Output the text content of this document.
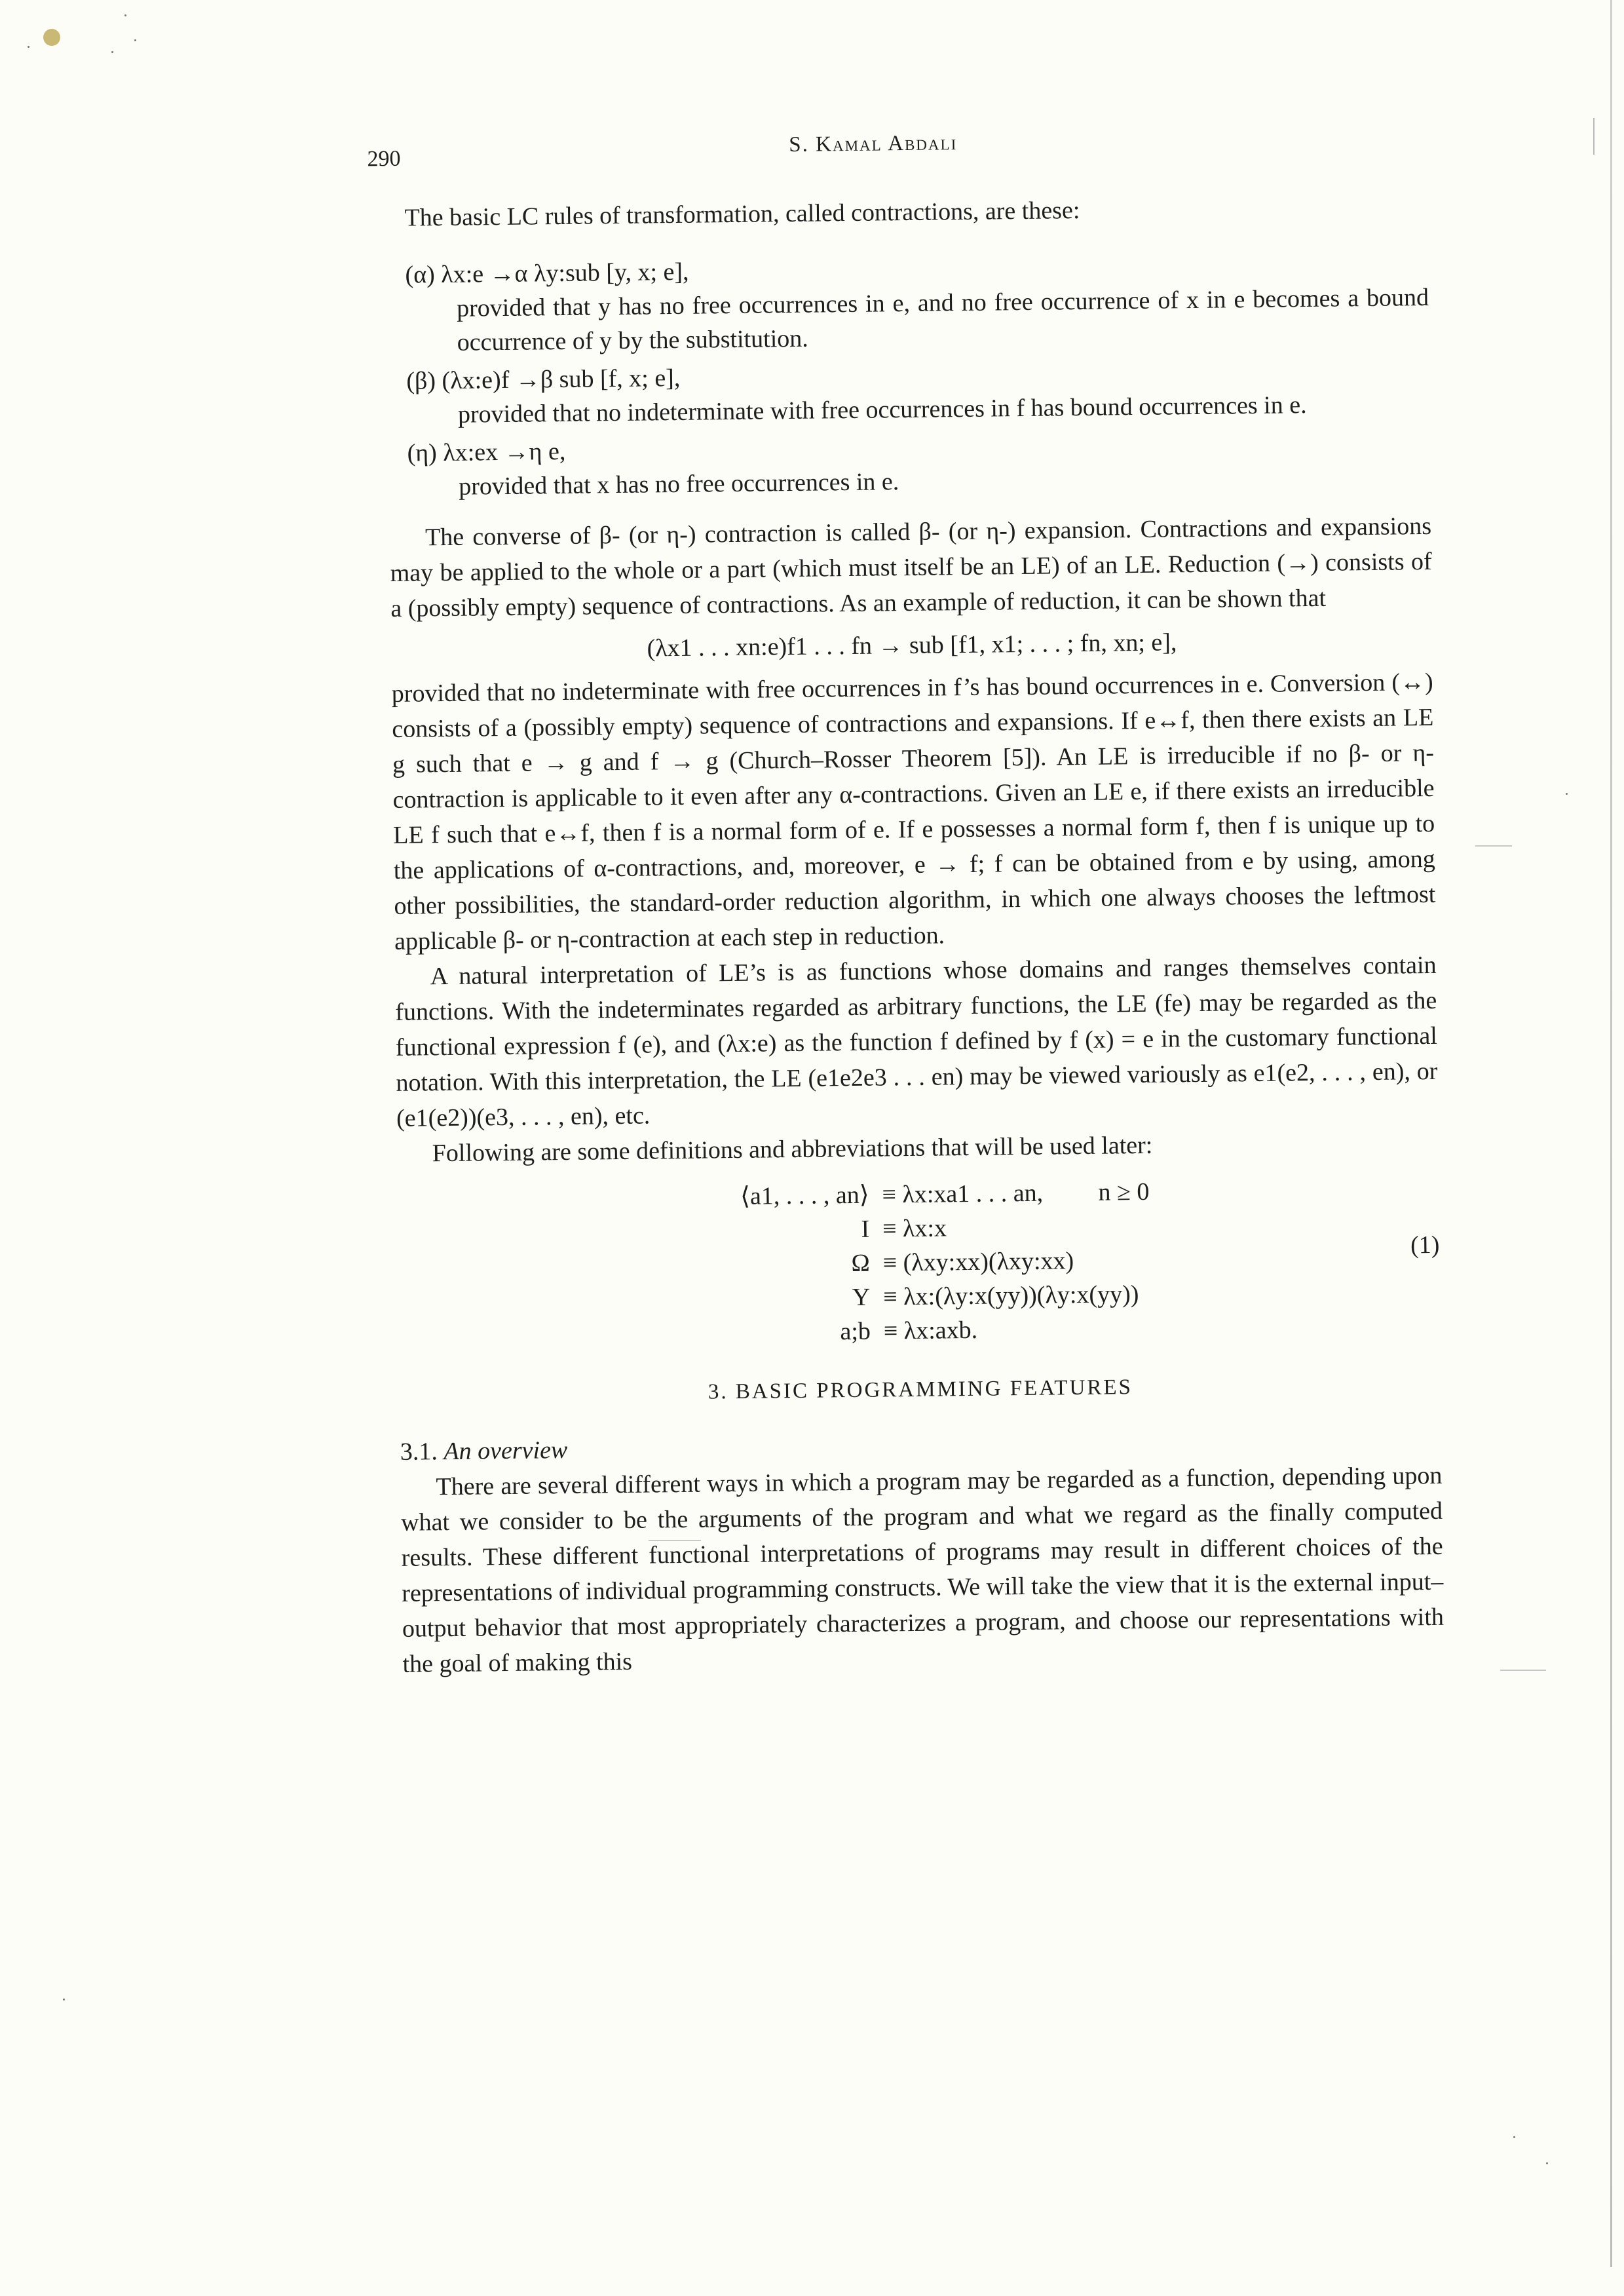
290
S. Kamal Abdali

The basic LC rules of transformation, called contractions, are these:

(α) λx:e →α λy:sub [y, x; e],
provided that y has no free occurrences in e, and no free occurrence of x in e becomes a bound occurrence of y by the substitution.
(β) (λx:e)f →β sub [f, x; e],
provided that no indeterminate with free occurrences in f has bound occurrences in e.
(η) λx:ex →η e,
provided that x has no free occurrences in e.

The converse of β- (or η-) contraction is called β- (or η-) expansion. Contractions and expansions may be applied to the whole or a part (which must itself be an LE) of an LE. Reduction (→) consists of a (possibly empty) sequence of contractions. As an example of reduction, it can be shown that

(λx1 . . . xn:e)f1 . . . fn → sub [f1, x1; . . . ; fn, xn; e],

provided that no indeterminate with free occurrences in f’s has bound occurrences in e. Conversion (↔) consists of a (possibly empty) sequence of contractions and expansions. If e↔f, then there exists an LE g such that e → g and f → g (Church–Rosser Theorem [5]). An LE is irreducible if no β- or η-contraction is applicable to it even after any α-contractions. Given an LE e, if there exists an irreducible LE f such that e↔f, then f is a normal form of e. If e possesses a normal form f, then f is unique up to the applications of α-contractions, and, moreover, e → f; f can be obtained from e by using, among other possibilities, the standard-order reduction algorithm, in which one always chooses the leftmost applicable β- or η-contraction at each step in reduction.

A natural interpretation of LE’s is as functions whose domains and ranges themselves contain functions. With the indeterminates regarded as arbitrary functions, the LE (fe) may be regarded as the functional expression f (e), and (λx:e) as the function f defined by f (x) = e in the customary functional notation. With this interpretation, the LE (e1e2e3 . . . en) may be viewed variously as e1(e2, . . . , en), or (e1(e2))(e3, . . . , en), etc.

Following are some definitions and abbreviations that will be used later:

⟨a1, . . . , an⟩ ≡ λx:xa1 . . . an, n ≥ 0
I ≡ λx:x
Ω ≡ (λxy:xx)(λxy:xx)
Y ≡ λx:(λy:x(yy))(λy:x(yy))
a;b ≡ λx:axb.
(1)
3. BASIC PROGRAMMING FEATURES
3.1. An overview

There are several different ways in which a program may be regarded as a function, depending upon what we consider to be the arguments of the program and what we regard as the finally computed results. These different functional interpretations of programs may result in different choices of the representations of individual programming constructs. We will take the view that it is the external input–output behavior that most appropriately characterizes a program, and choose our representations with the goal of making this
